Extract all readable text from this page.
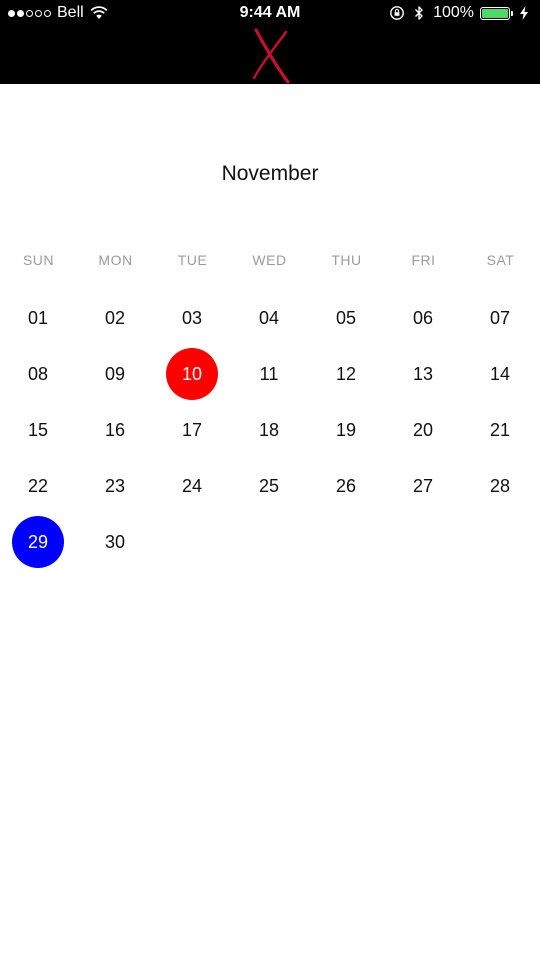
Bell	9:44 AM	100%
November
SUN	MON	TUE	WED	THU	FRI	SAT
01	02	03	04	05	06	07
08	09	10	11	12	13	14
15	16	17	18	19	20	21
22	23	24	25	26	27	28
29	30
